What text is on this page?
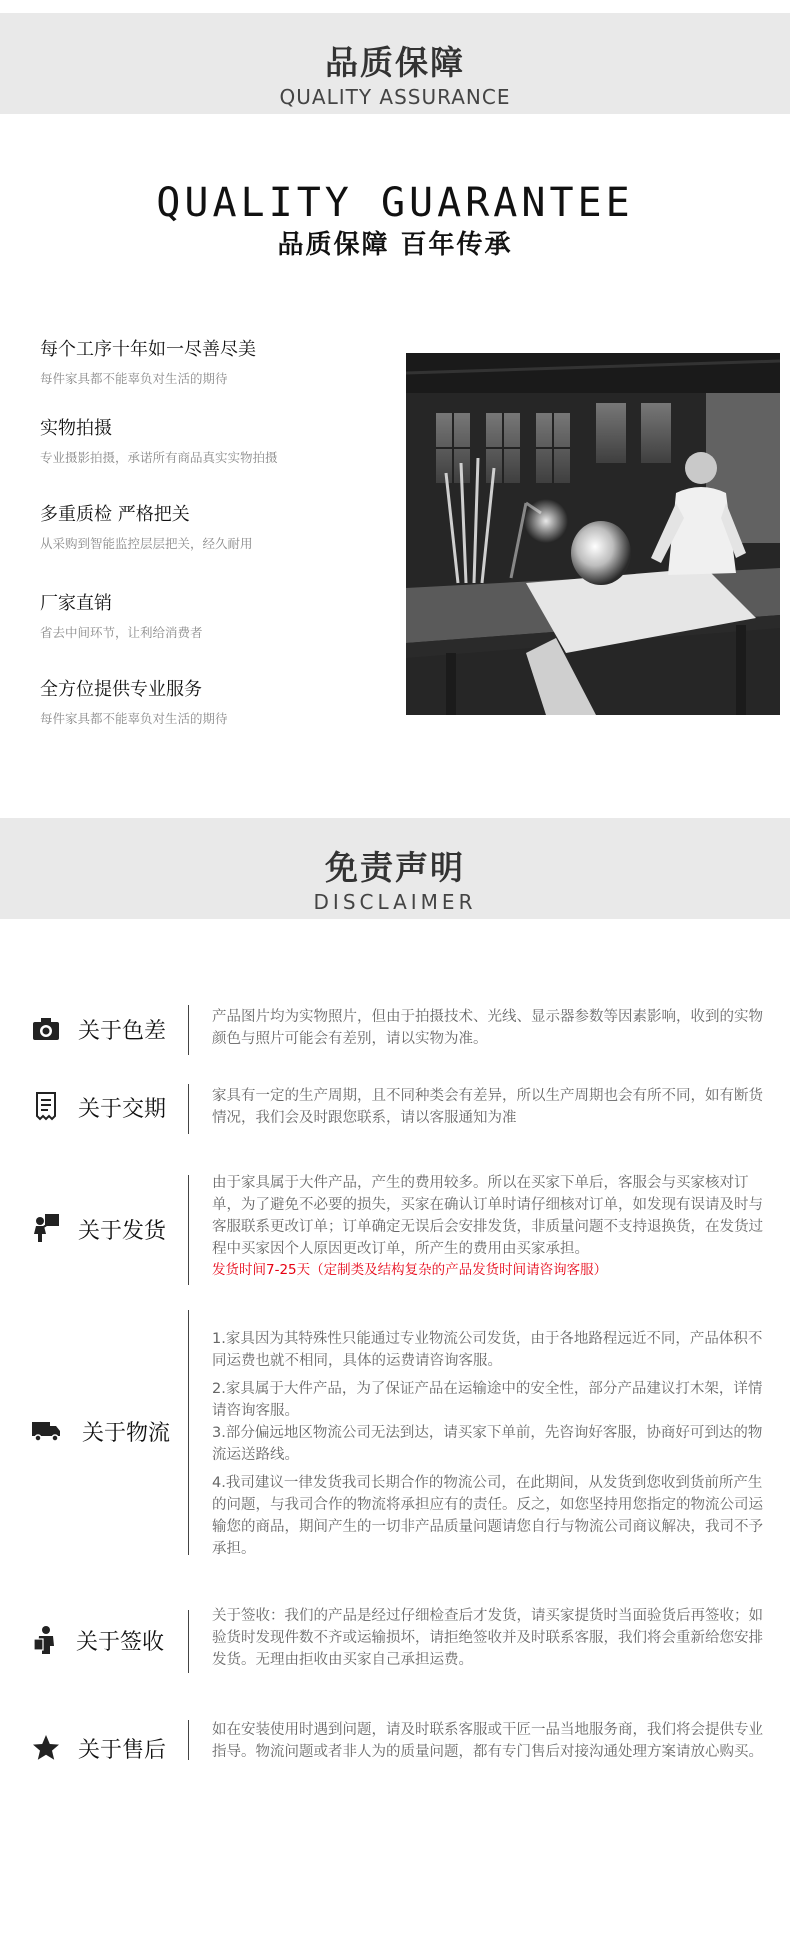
品质保障
QUALITY ASSURANCE
QUALITY GUARANTEE
品质保障 百年传承
每个工序十年如一尽善尽美
每件家具都不能辜负对生活的期待
实物拍摄
专业摄影拍摄，承诺所有商品真实实物拍摄
多重质检 严格把关
从采购到智能监控层层把关，经久耐用
厂家直销
省去中间环节，让利给消费者
全方位提供专业服务
每件家具都不能辜负对生活的期待
免责声明
DISCLAIMER
关于色差

产品图片均为实物照片，但由于拍摄技术、光线、显示器参数等因素影响，收到的实物颜色与照片可能会有差别，请以实物为准。

关于交期

家具有一定的生产周期，且不同种类会有差异，所以生产周期也会有所不同，如有断货情况，我们会及时跟您联系，请以客服通知为准

关于发货

由于家具属于大件产品，产生的费用较多。所以在买家下单后，客服会与买家核对订单，为了避免不必要的损失，买家在确认订单时请仔细核对订单，如发现有误请及时与客服联系更改订单；订单确定无误后会安排发货，非质量问题不支持退换货，在发货过程中买家因个人原因更改订单，所产生的费用由买家承担。

发货时间7-25天（定制类及结构复杂的产品发货时间请咨询客服）

关于物流

1.家具因为其特殊性只能通过专业物流公司发货，由于各地路程远近不同，产品体积不同运费也就不相同，具体的运费请咨询客服。

2.家具属于大件产品，为了保证产品在运输途中的安全性，部分产品建议打木架，详情请咨询客服。

3.部分偏远地区物流公司无法到达，请买家下单前，先咨询好客服，协商好可到达的物流运送路线。

4.我司建议一律发货我司长期合作的物流公司，在此期间，从发货到您收到货前所产生的问题，与我司合作的物流将承担应有的责任。反之，如您坚持用您指定的物流公司运输您的商品，期间产生的一切非产品质量问题请您自行与物流公司商议解决，我司不予承担。

关于签收

关于签收：我们的产品是经过仔细检查后才发货，请买家提货时当面验货后再签收；如验货时发现件数不齐或运输损坏，请拒绝签收并及时联系客服，我们将会重新给您安排发货。无理由拒收由买家自己承担运费。

关于售后

如在安装使用时遇到问题，请及时联系客服或干匠一品当地服务商，我们将会提供专业指导。物流问题或者非人为的质量问题，都有专门售后对接沟通处理方案请放心购买。
